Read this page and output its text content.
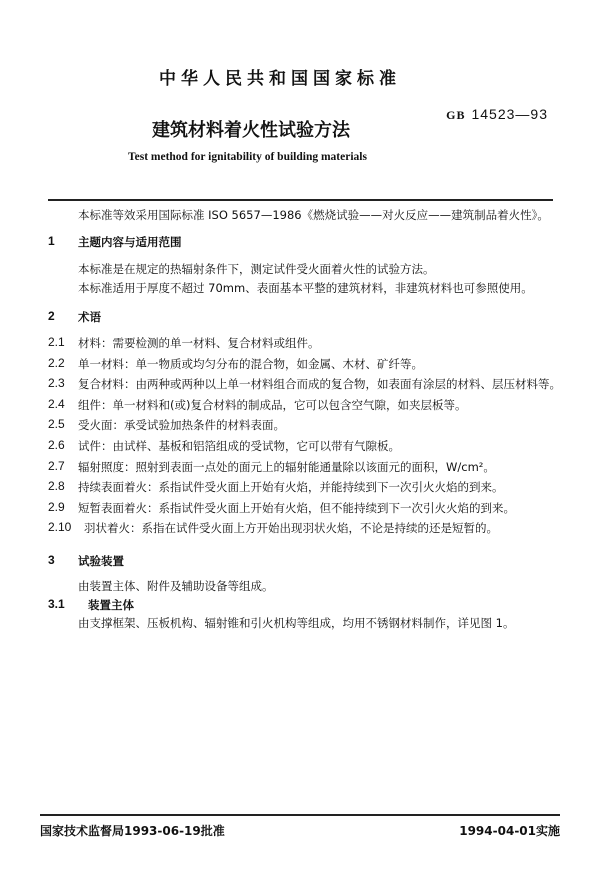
中华人民共和国国家标准
GB 14523—93
建筑材料着火性试验方法
Test method for ignitability of building materials
本标准等效采用国际标准 ISO 5657—1986《燃烧试验——对火反应——建筑制品着火性》。
1 主题内容与适用范围
本标准是在规定的热辐射条件下，测定试件受火面着火性的试验方法。
本标准适用于厚度不超过 70mm、表面基本平整的建筑材料，非建筑材料也可参照使用。
2 术语
2.1 材料：需要检测的单一材料、复合材料或组件。
2.2 单一材料：单一物质或均匀分布的混合物，如金属、木材、矿纤等。
2.3 复合材料：由两种或两种以上单一材料组合而成的复合物，如表面有涂层的材料、层压材料等。
2.4 组件：单一材料和(或)复合材料的制成品，它可以包含空气隙，如夹层板等。
2.5 受火面：承受试验加热条件的材料表面。
2.6 试件：由试样、基板和铝箔组成的受试物，它可以带有气隙板。
2.7 辐射照度：照射到表面一点处的面元上的辐射能通量除以该面元的面积，W/cm²。
2.8 持续表面着火：系指试件受火面上开始有火焰，并能持续到下一次引火火焰的到来。
2.9 短暂表面着火：系指试件受火面上开始有火焰，但不能持续到下一次引火火焰的到来。
2.10 羽状着火：系指在试件受火面上方开始出现羽状火焰，不论是持续的还是短暂的。
3 试验装置
由装置主体、附件及辅助设备等组成。
3.1 装置主体
由支撑框架、压板机构、辐射锥和引火机构等组成，均用不锈钢材料制作，详见图 1。
国家技术监督局1993-06-19批准	1994-04-01实施
